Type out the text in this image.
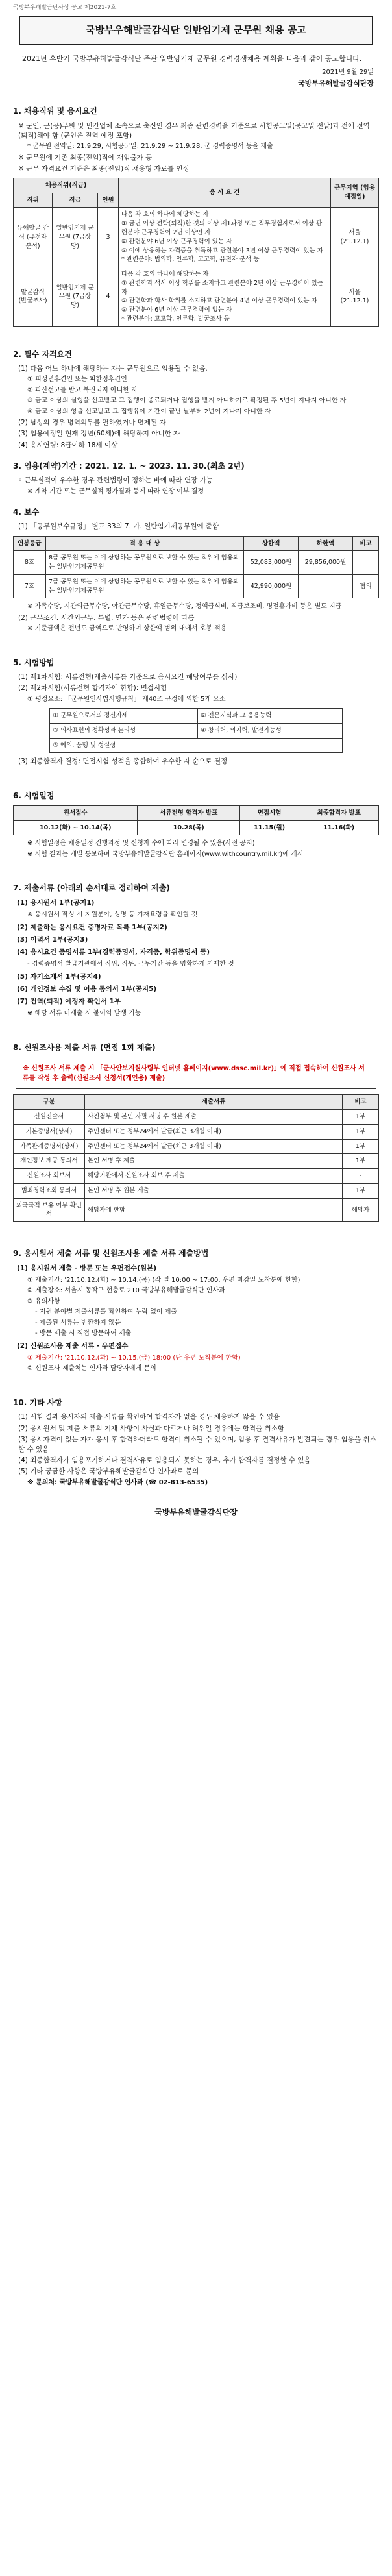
국방부우해발금단사상 공고 제2021-7호
국방부우해발굴감식단 일반임기제 군무원 채용 공고

2021년 후반기 국방부유해발굴감식단 주관 일반임기제 군무원 경력경쟁채용 계획을 다음과 같이 공고합니다.

2021년 9월 29일
국방부유해발굴감식단장
1. 채용직위 및 응시요건

※ 군인, 군(공)무원 및 민간업체 소속으로 출신인 경우 최종 관련경력을 기준으로 시험공고일(공고일 전날)과 전에 전역(퇴직)해야 함 (군인은 전역 예정 포함)

* 군무원 전역일: 21.9.29, 시험공고일: 21.9.29 ~ 21.9.28. 군 경력증명서 등을 제출

※ 군무원에 기존 최종(전임)직에 재임불가 등

※ 근무 자격요건 기준은 최종(전임)직 채용형 자료를 인정

채용직위(직급)			응 시 요 건	근무지역 (임용예정일)
직위	직급	인원		
유해발굴 감식 (유전자분석)	일반임기제 군무원 (7급상당)	3	다음 각 호의 하나에 해당하는 자
① 금년 이상 전략(퇴직)한 것의 이상 제1과정 또는 직무경험자로서 이상 관련분야 근무경력이 2년 이상인 자
② 관련분야 6년 이상 근무경력이 있는 자
③ 이에 상응하는 자격증을 취득하고 관련분야 3년 이상 근무경력이 있는 자
* 관련분야: 법의학, 인류학, 고고학, 유전자 분석 등	서울 (21.12.1)
발굴감식 (발굴조사)	일반임기제 군무원 (7급상당)	4	다음 각 호의 하나에 해당하는 자
① 관련학과 석사 이상 학위를 소지하고 관련분야 2년 이상 근무경력이 있는 자
② 관련학과 학사 학위를 소지하고 관련분야 4년 이상 근무경력이 있는 자
③ 관련분야 6년 이상 근무경력이 있는 자
* 관련분야: 고고학, 인류학, 발굴조사 등	서울 (21.12.1)
2. 필수 자격요건

(1) 다음 어느 하나에 해당하는 자는 군무원으로 임용될 수 없음.

① 피성년후견인 또는 피한정후견인

② 파산선고를 받고 복권되지 아니한 자

③ 금고 이상의 실형을 선고받고 그 집행이 종료되거나 집행을 받지 아니하기로 확정된 후 5년이 지나지 아니한 자

④ 금고 이상의 형을 선고받고 그 집행유예 기간이 끝난 날부터 2년이 지나지 아니한 자

(2) 남성의 경우 병역의무를 필하였거나 면제된 자

(3) 임용예정일 현재 정년(60세)에 해당하지 아니한 자

(4) 응시연령: 8급이하 18세 이상

3. 임용(계약)기간 : 2021. 12. 1. ~ 2023. 11. 30.(최초 2년)

◦ 근무실적이 우수한 경우 관련법령이 정하는 바에 따라 연장 가능

※ 계약 기간 또는 근무실적 평가결과 등에 따라 연장 여부 결정

4. 보수

(1) 「공무원보수규정」 별표 33의 7. 가. 일반임기제공무원에 준함

연봉등급	적 용 대 상	상한액	하한액	비고
8호	8급 공무원 또는 이에 상당하는 공무원으로 보할 수 있는 직위에 임용되는 일반임기제공무원	52,083,000원	29,856,000원	
7호	7급 공무원 또는 이에 상당하는 공무원으로 보할 수 있는 직위에 임용되는 일반임기제공무원	42,990,000원		협의

※ 가족수당, 시간외근무수당, 야간근무수당, 휴일근무수당, 정액급식비, 직급보조비, 명절휴가비 등은 별도 지급

(2) 근무조건, 시간외근무, 특별, 연가 등은 관련법령에 따름

※ 기준금액은 전년도 금액으로 반영하며 상한액 범위 내에서 호봉 적용

5. 시험방법

(1) 제1차시험: 서류전형(제출서류를 기준으로 응시요건 해당여부를 심사)

(2) 제2차시험(서류전형 합격자에 한함): 면접시험

① 평정요소: 「군무원인사법시행규칙」 제40조 규정에 의한 5개 요소

① 군무원으로서의 정신자세	② 전문지식과 그 응용능력
③ 의사표현의 정확성과 논리성	④ 창의력, 의지력, 발전가능성
⑤ 예의, 품행 및 성실성	

(3) 최종합격자 결정: 면접시험 성적을 종합하여 우수한 자 순으로 결정

6. 시험일정
원서접수	서류전형 합격자 발표	면접시험	최종합격자 발표
10.12(화) ~ 10.14(목)	10.28(목)	11.15(월)	11.16(화)

※ 시험일정은 채용일정 진행과정 및 신청자 수에 따라 변경될 수 있음(사전 공지)

※ 시험 결과는 개별 통보하며 국방부유해발굴감식단 홈페이지(www.withcountry.mil.kr)에 게시

7. 제출서류 (아래의 순서대로 정리하여 제출)

(1) 응시원서 1부(공지1)

※ 응시원서 작성 시 지원분야, 성명 등 기재요령을 확인할 것

(2) 제출하는 응시요건 증명자료 목록 1부(공지2)

(3) 이력서 1부(공지3)

(4) 응시요건 증명서류 1부(경력증명서, 자격증, 학위증명서 등)

- 경력증명서 발급기관에서 직위, 직무, 근무기간 등을 명확하게 기재한 것

(5) 자기소개서 1부(공지4)

(6) 개인정보 수집 및 이용 동의서 1부(공지5)

(7) 전역(퇴직) 예정자 확인서 1부

※ 해당 서류 미제출 시 불이익 발생 가능

8. 신원조사용 제출 서류 (면접 1회 제출)
※ 신원조사 서류 제출 시 「군사안보지원사령부 인터넷 홈페이지(www.dssc.mil.kr)」에 직접 접속하여 신원조사 서류를 작성 후 출력(신원조사 신청서(개인용) 제출)
구분	제출서류	비고
신원진술서	사진첨부 및 본인 자필 서명 후 원본 제출	1부
기본증명서(상세)	주민센터 또는 정부24에서 발급(최근 3개월 이내)	1부
가족관계증명서(상세)	주민센터 또는 정부24에서 발급(최근 3개월 이내)	1부
개인정보 제공 동의서	본인 서명 후 제출	1부
신원조사 회보서	해당기관에서 신원조사 회보 후 제출	-
범죄경력조회 동의서	본인 서명 후 원본 제출	1부
외국국적 보유 여부 확인서	해당자에 한함	해당자
9. 응시원서 제출 서류 및 신원조사용 제출 서류 제출방법

(1) 응시원서 제출 - 방문 또는 우편접수(원본)

① 제출기간: '21.10.12.(화) ~ 10.14.(목) (각 일 10:00 ~ 17:00, 우편 마감일 도착분에 한함)

② 제출장소: 서울시 동작구 현충로 210 국방부유해발굴감식단 인사과

③ 유의사항

- 지원 분야별 제출서류를 확인하여 누락 없이 제출

- 제출된 서류는 반환하지 않음

- 방문 제출 시 직접 방문하여 제출

(2) 신원조사용 제출 서류 - 우편접수

① 제출기간: '21.10.12.(화) ~ 10.15.(금) 18:00 (단 우편 도착분에 한함)

② 신원조사 제출처는 인사과 담당자에게 문의

10. 기타 사항

(1) 시험 결과 응시자의 제출 서류를 확인하여 합격자가 없을 경우 채용하지 않을 수 있음

(2) 응시원서 및 제출 서류의 기재 사항이 사실과 다르거나 허위일 경우에는 합격을 취소함

(3) 응시자격이 없는 자가 응시 후 합격하더라도 합격이 취소될 수 있으며, 임용 후 결격사유가 발견되는 경우 임용을 취소할 수 있음

(4) 최종합격자가 임용포기하거나 결격사유로 임용되지 못하는 경우, 추가 합격자를 결정할 수 있음

(5) 기타 궁금한 사항은 국방부유해발굴감식단 인사과로 문의

※ 문의처: 국방부유해발굴감식단 인사과 (☎ 02-813-6535)

국방부유해발굴감식단장
